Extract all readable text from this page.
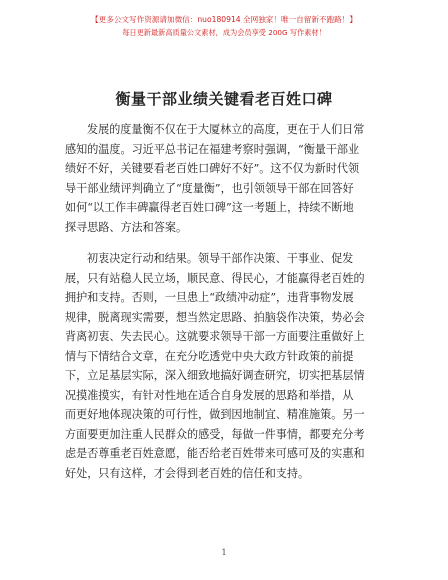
【更多公文写作资源请加微信：nuo180914 全网独家！唯一自留新不跑路！】
每日更新最新高质量公文素材，成为会员享受 200G 写作素材！
衡量干部业绩关键看老百姓口碑
发展的度量衡不仅在于大厦林立的高度，更在于人们日常
感知的温度。习近平总书记在福建考察时强调，“衡量干部业
绩好不好，关键要看老百姓口碑好不好”。这不仅为新时代领
导干部业绩评判确立了“度量衡”，也引领领导干部在回答好
如何“以工作丰碑赢得老百姓口碑”这一考题上，持续不断地
探寻思路、方法和答案。
初衷决定行动和结果。领导干部作决策、干事业、促发
展，只有站稳人民立场，顺民意、得民心，才能赢得老百姓的
拥护和支持。否则，一旦患上“政绩冲动症”，违背事物发展
规律，脱离现实需要，想当然定思路、拍脑袋作决策，势必会
背离初衷、失去民心。这就要求领导干部一方面要注重做好上
情与下情结合文章，在充分吃透党中央大政方针政策的前提
下，立足基层实际，深入细致地搞好调查研究，切实把基层情
况摸准摸实，有针对性地在适合自身发展的思路和举措，从
而更好地体现决策的可行性，做到因地制宜、精准施策。另一
方面要更加注重人民群众的感受，每做一件事情，都要充分考
虑是否尊重老百姓意愿，能否给老百姓带来可感可及的实惠和
好处，只有这样，才会得到老百姓的信任和支持。
1
